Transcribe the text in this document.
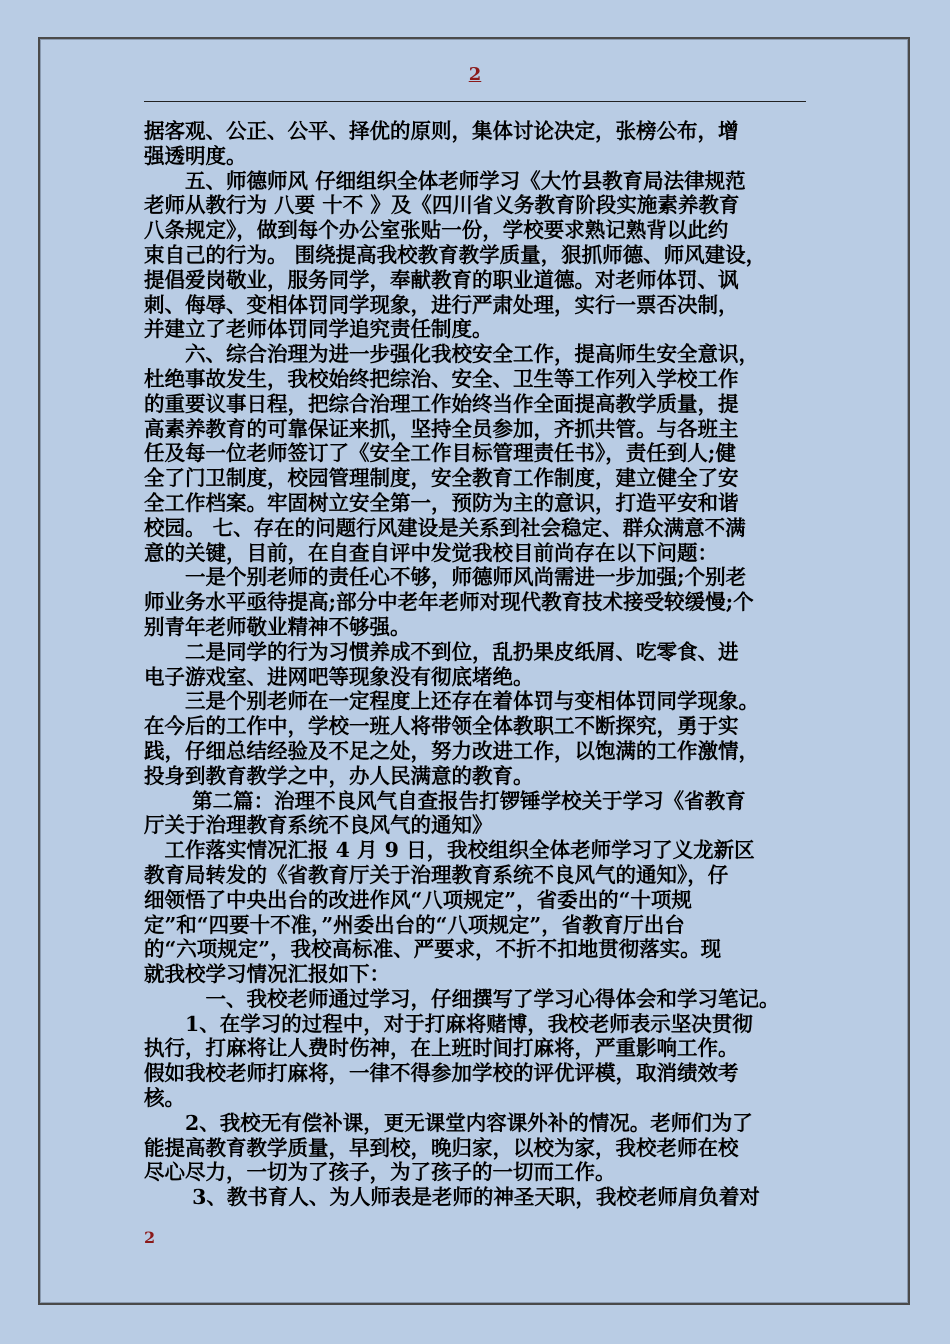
2

据客观、公正、公平、择优的原则，集体讨论决定，张榜公布，增

强透明度。

　　五、师德师风 仔细组织全体老师学习《大竹县教育局法律规范

老师从教行为 八要 十不 》及《四川省义务教育阶段实施素养教育

八条规定》，做到每个办公室张贴一份，学校要求熟记熟背以此约

束自己的行为。 围绕提高我校教育教学质量，狠抓师德、师风建设，

提倡爱岗敬业，服务同学，奉献教育的职业道德。对老师体罚、讽

刺、侮辱、变相体罚同学现象，进行严肃处理，实行一票否决制，

并建立了老师体罚同学追究责任制度。

　　六、综合治理为进一步强化我校安全工作，提高师生安全意识，

杜绝事故发生，我校始终把综治、安全、卫生等工作列入学校工作

的重要议事日程，把综合治理工作始终当作全面提高教学质量，提

高素养教育的可靠保证来抓，坚持全员参加，齐抓共管。与各班主

任及每一位老师签订了《安全工作目标管理责任书》，责任到人;健

全了门卫制度，校园管理制度，安全教育工作制度，建立健全了安

全工作档案。牢固树立安全第一，预防为主的意识，打造平安和谐

校园。 七、存在的问题行风建设是关系到社会稳定、群众满意不满

意的关键，目前，在自查自评中发觉我校目前尚存在以下问题：

　　一是个别老师的责任心不够，师德师风尚需进一步加强;个别老

师业务水平亟待提高;部分中老年老师对现代教育技术接受较缓慢;个

别青年老师敬业精神不够强。

　　二是同学的行为习惯养成不到位，乱扔果皮纸屑、吃零食、进

电子游戏室、进网吧等现象没有彻底堵绝。

　　三是个别老师在一定程度上还存在着体罚与变相体罚同学现象。

在今后的工作中，学校一班人将带领全体教职工不断探究，勇于实

践，仔细总结经验及不足之处，努力改进工作，以饱满的工作激情，

投身到教育教学之中，办人民满意的教育。

　　 第二篇：治理不良风气自查报告打锣锤学校关于学习《省教育

厅关于治理教育系统不良风气的通知》

　工作落实情况汇报 4 月 9 日，我校组织全体老师学习了义龙新区

教育局转发的《省教育厅关于治理教育系统不良风气的通知》，仔

细领悟了中央出台的改进作风“八项规定”，省委出的“十项规

定”和“四要十不准，”州委出台的“八项规定”，省教育厅出台

的“六项规定”，我校高标准、严要求，不折不扣地贯彻落实。现

就我校学习情况汇报如下：

　　　一、我校老师通过学习，仔细撰写了学习心得体会和学习笔记。

　　1、在学习的过程中，对于打麻将赌博，我校老师表示坚决贯彻

执行，打麻将让人费时伤神，在上班时间打麻将，严重影响工作。

假如我校老师打麻将，一律不得参加学校的评优评模，取消绩效考

核。

　　2、我校无有偿补课，更无课堂内容课外补的情况。老师们为了

能提高教育教学质量，早到校，晚归家，以校为家，我校老师在校

尽心尽力，一切为了孩子，为了孩子的一切而工作。

　　 3、教书育人、为人师表是老师的神圣天职，我校老师肩负着对

2
